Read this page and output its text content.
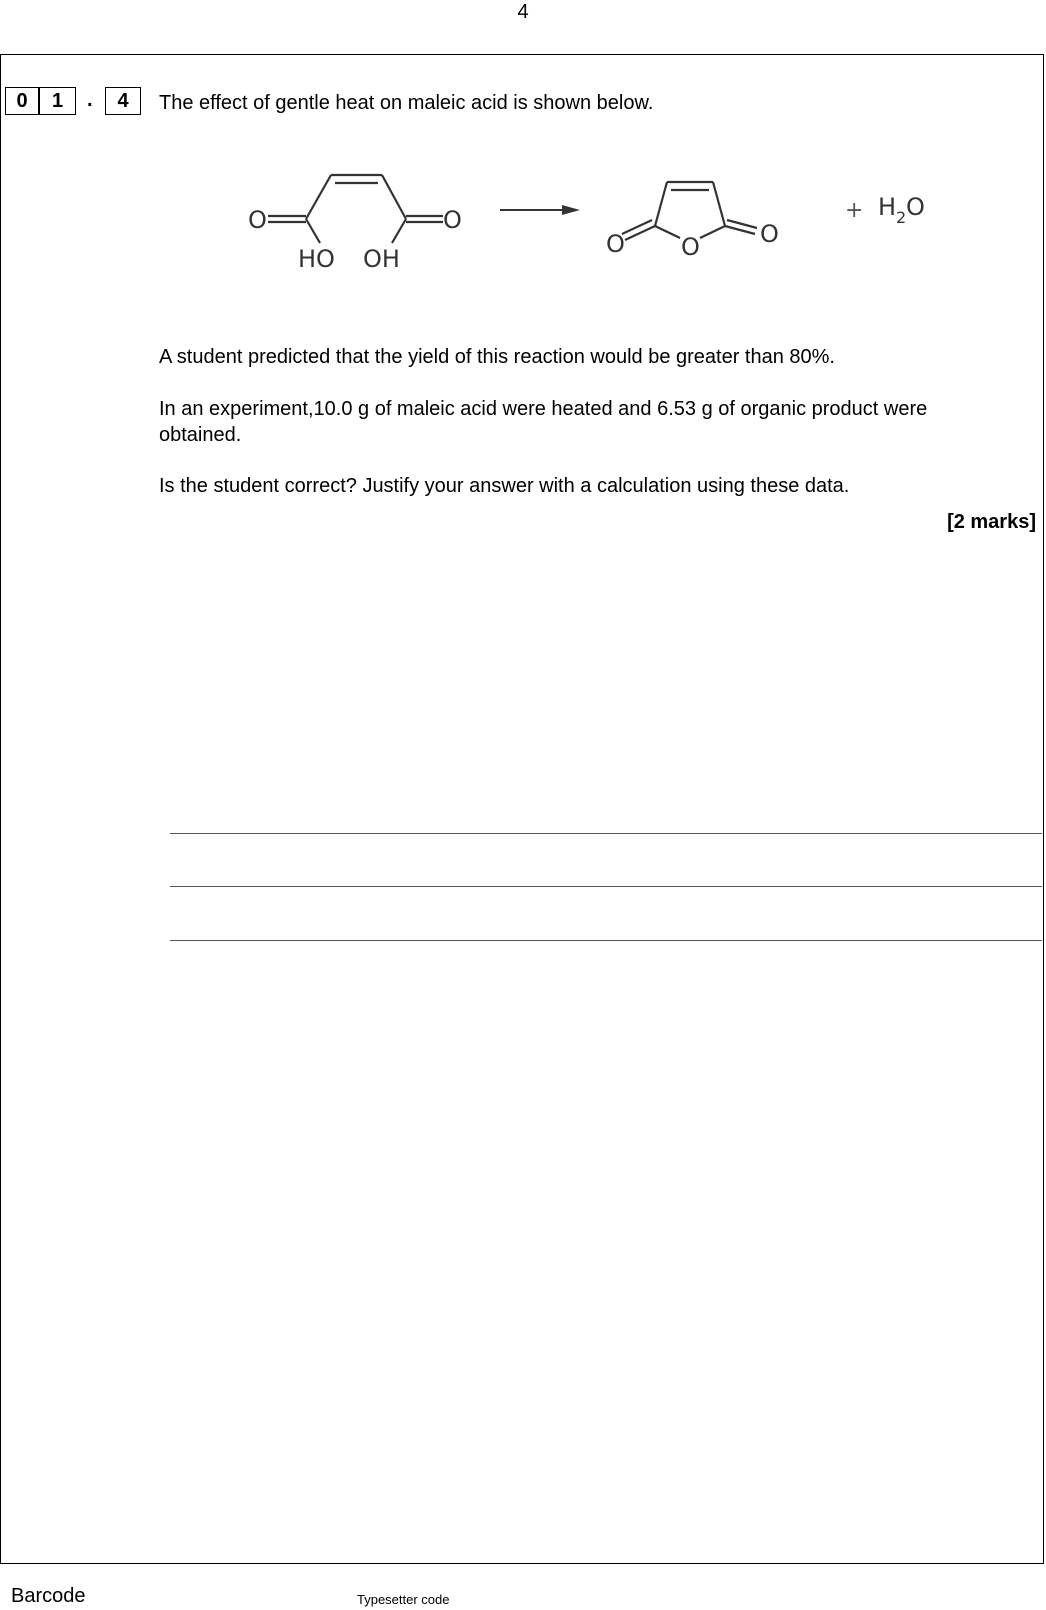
4
0	1	.	4	The effect of gentle heat on maleic acid is shown below.
O	O
HO OH
O O	O
+ H 2 O
A student predicted that the yield of this reaction would be greater than 80%.
In an experiment,10.0 g of maleic acid were heated and 6.53 g of organic product were obtained.
Is the student correct? Justify your answer with a calculation using these data.
[2 marks]
Barcode	Typesetter code
